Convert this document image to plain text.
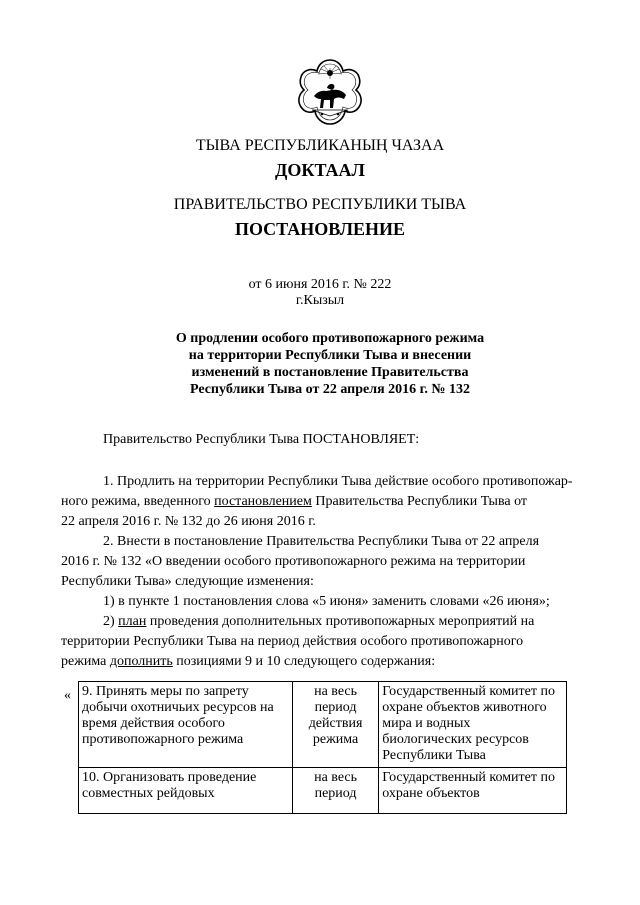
ТЫВА РЕСПУБЛИКАНЫҢ ЧАЗАА
ДОКТААЛ
ПРАВИТЕЛЬСТВО РЕСПУБЛИКИ ТЫВА
ПОСТАНОВЛЕНИЕ
от 6 июня 2016 г. № 222
г.Кызыл
О продлении особого противопожарного режима
на территории Республики Тыва и внесении
изменений в постановление Правительства
Республики Тыва от 22 апреля 2016 г. № 132
Правительство Республики Тыва ПОСТАНОВЛЯЕТ:
1. Продлить на территории Республики Тыва действие особого противопожар-
ного режима, введенного постановлением Правительства Республики Тыва от
22 апреля 2016 г. № 132 до 26 июня 2016 г.
2. Внести в постановление Правительства Республики Тыва от 22 апреля
2016 г. № 132 «О введении особого противопожарного режима на территории
Республики Тыва» следующие изменения:
1) в пункте 1 постановления слова «5 июня» заменить словами «26 июня»;
2) план проведения дополнительных противопожарных мероприятий на
территории Республики Тыва на период действия особого противопожарного
режима дополнить позициями 9 и 10 следующего содержания:
« 9. Принять меры по запрету добычи охотничьих ресурсов на время действия особого противопожарного режима	на весь период действия режима	Государственный комитет по охране объектов животного мира и водных биологических ресурсов Республики Тыва
10. Организовать проведение совместных рейдовых	на весь период	Государственный комитет по охране объектов
